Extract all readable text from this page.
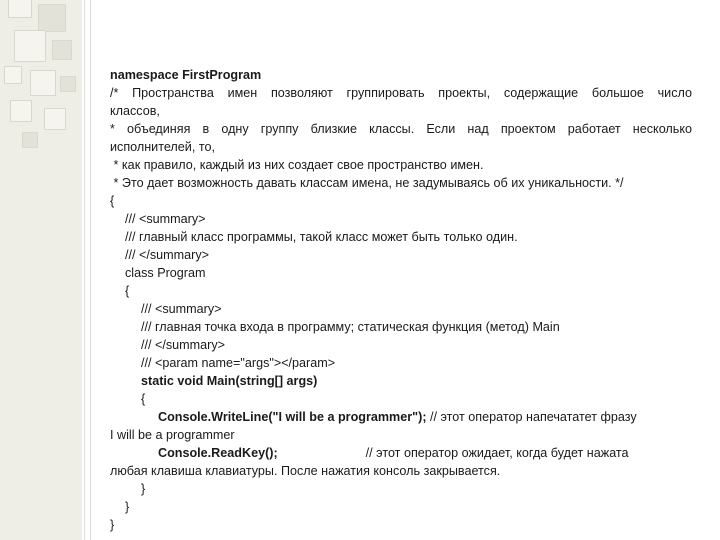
namespace FirstProgram
/* Пространства имен позволяют группировать проекты, содержащие большое число
классов,
* объединяя в одну группу близкие классы. Если над проектом работает несколько
исполнителей, то,
* как правило, каждый из них создает свое пространство имен.
* Это дает возможность давать классам имена, не задумываясь об их уникальности. */
{
/// <summary>
/// главный класс программы, такой класс может быть только один.
/// </summary>
class Program
{
/// <summary>
/// главная точка входа в программу; статическая функция (метод) Main
/// </summary>
/// <param name="args"></param>
static void Main(string[] args)
{
Console.WriteLine("I will be a programmer"); // этот оператор напечататет фразу
I will be a programmer
Console.ReadKey();	// этот оператор ожидает, когда будет нажата
любая клавиша клавиатуры. После нажатия консоль закрывается.
}
}
}
